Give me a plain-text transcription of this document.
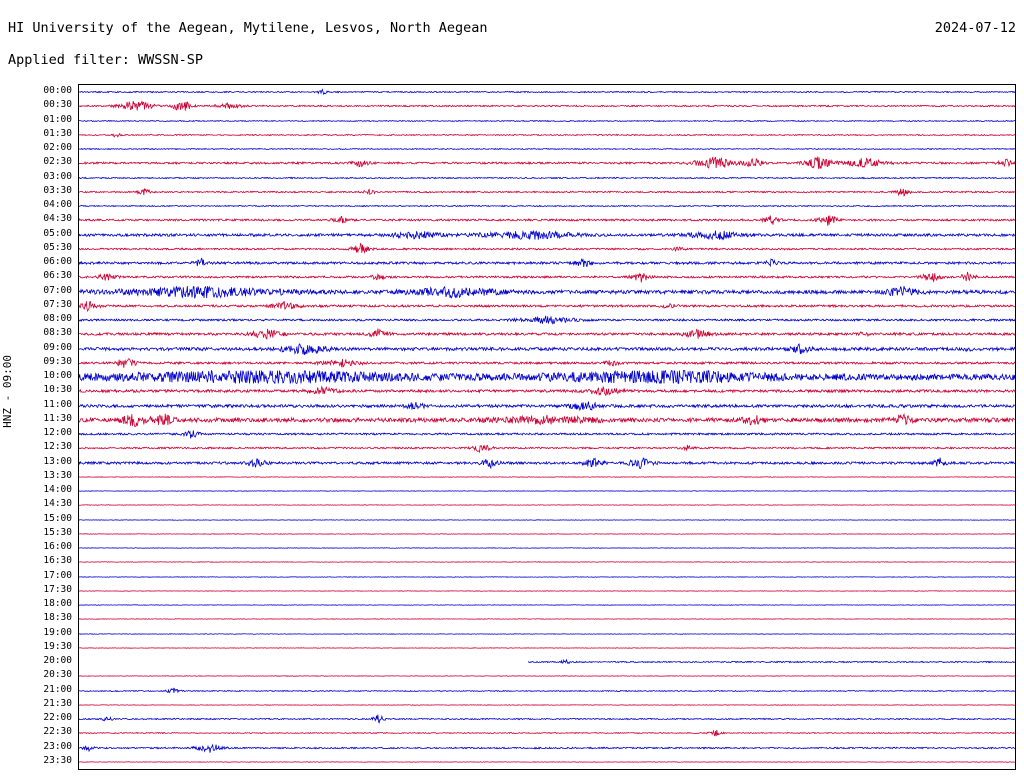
HI University of the Aegean, Mytilene, Lesvos, North Aegean	2024-07-12
Applied filter: WWSSN-SP
HNZ - 09:00
00:00
00:30
01:00
01:30
02:00
02:30
03:00
03:30
04:00
04:30
05:00
05:30
06:00
06:30
07:00
07:30
08:00
08:30
09:00
09:30
10:00
10:30
11:00
11:30
12:00
12:30
13:00
13:30
14:00
14:30
15:00
15:30
16:00
16:30
17:00
17:30
18:00
18:30
19:00
19:30
20:00
20:30
21:00
21:30
22:00
22:30
23:00
23:30
